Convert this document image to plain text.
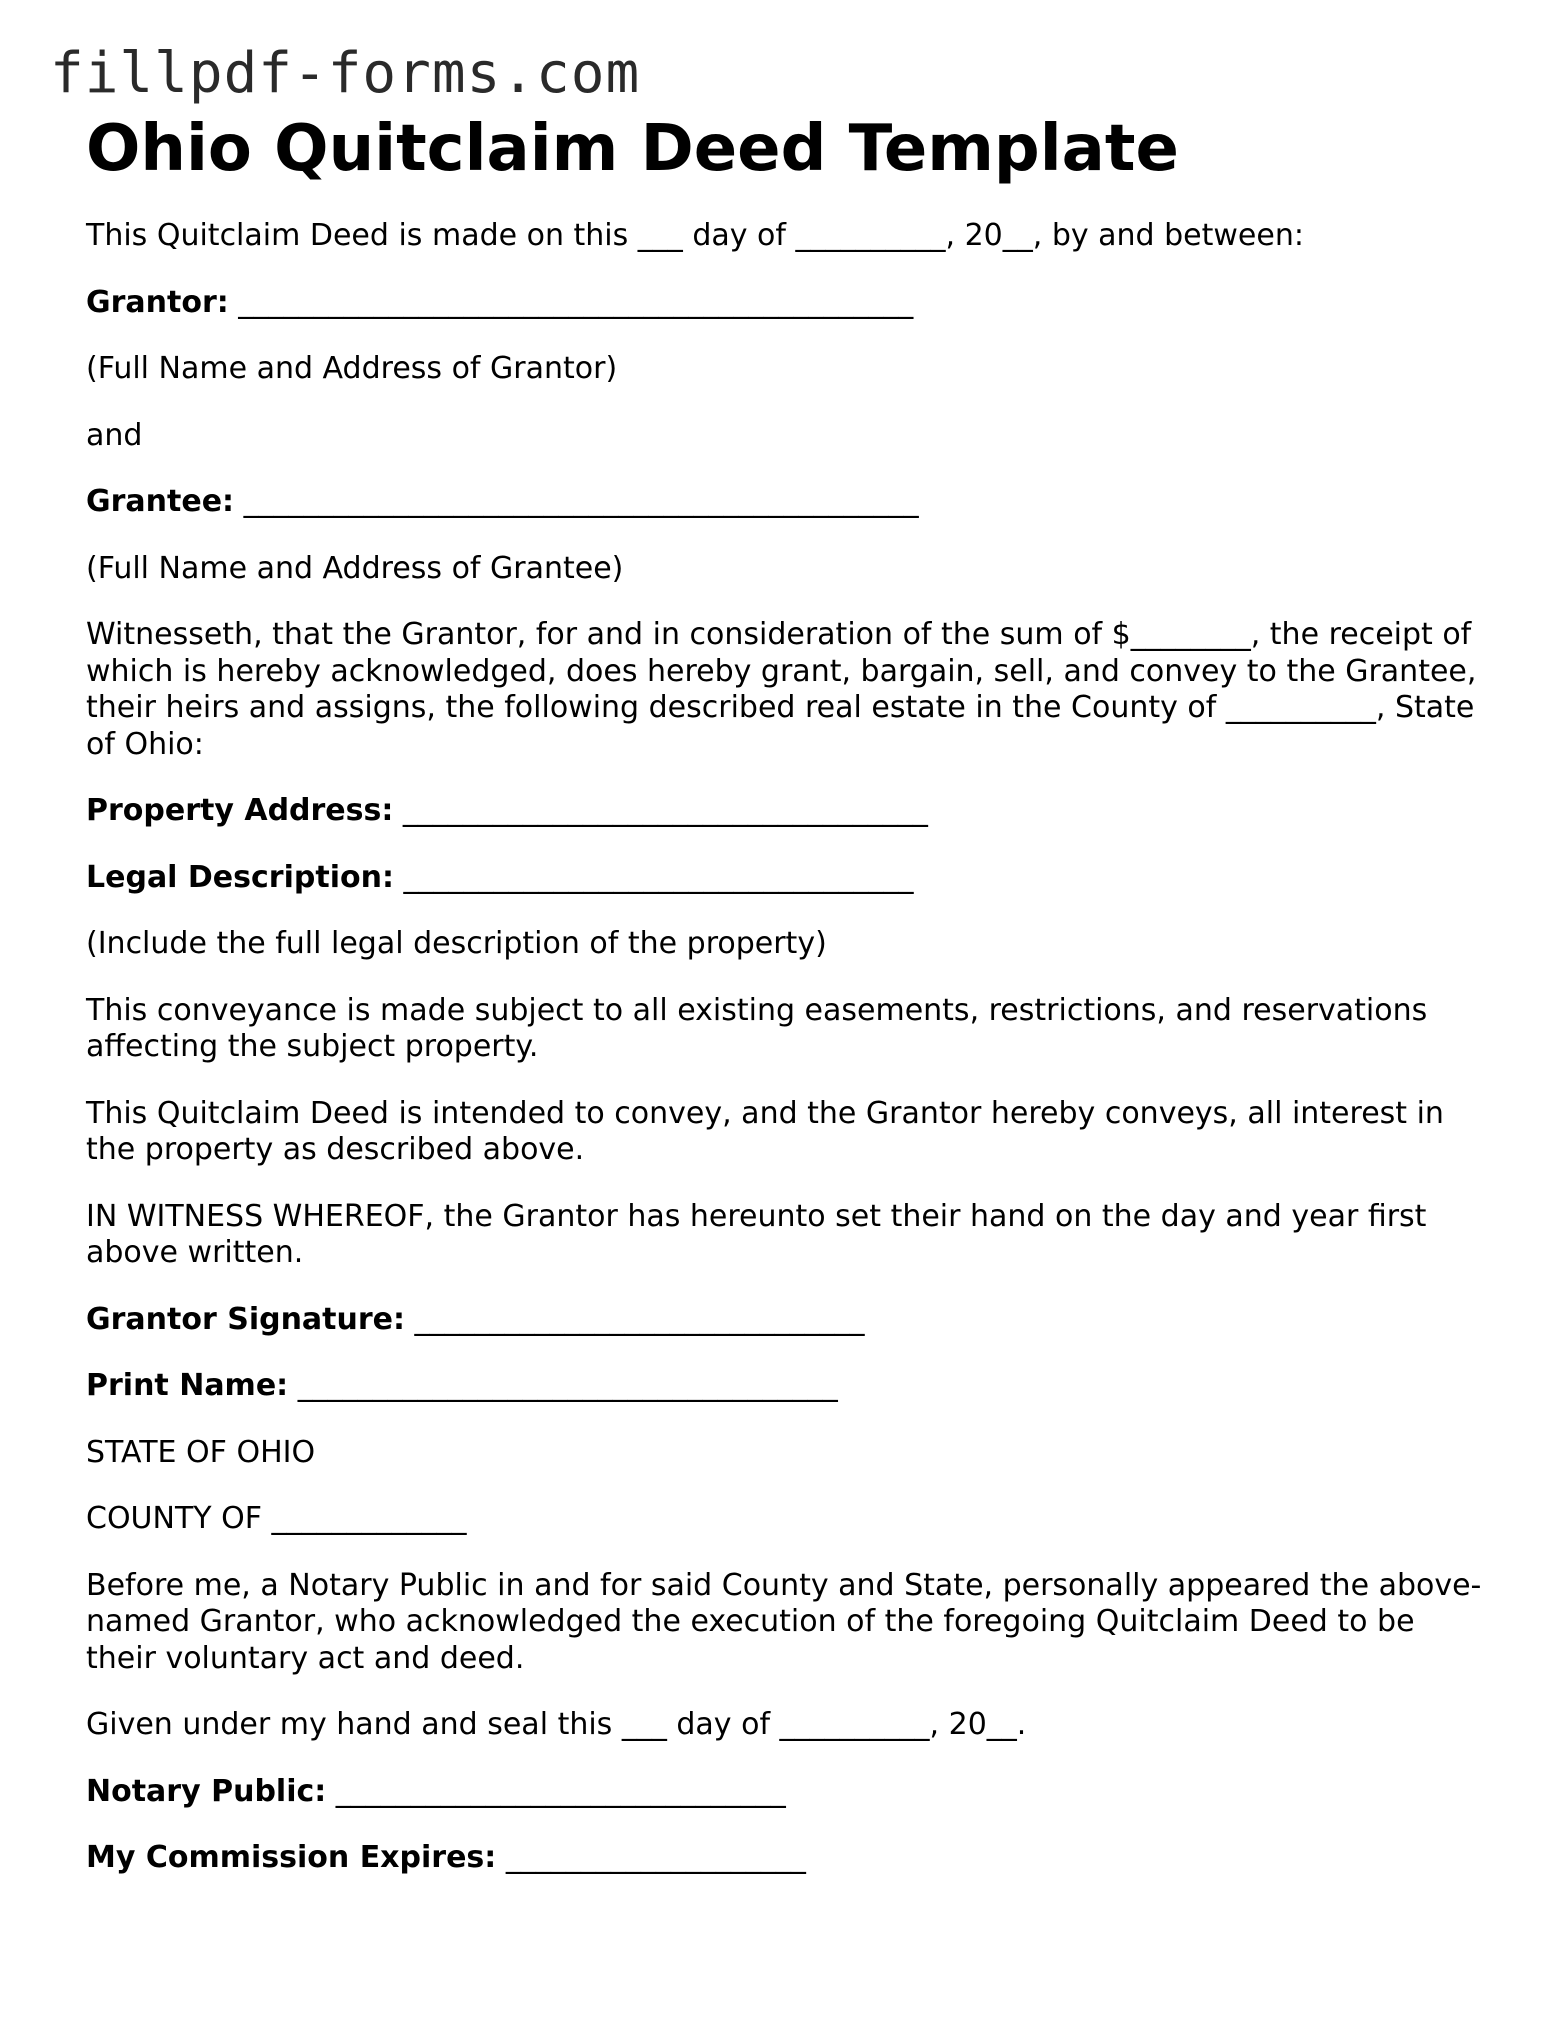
fillpdf-forms.com
Ohio Quitclaim Deed Template

This Quitclaim Deed is made on this ___ day of __________, 20__, by and between:

Grantor: _____________________________________________

(Full Name and Address of Grantor)

and

Grantee: _____________________________________________

(Full Name and Address of Grantee)

Witnesseth, that the Grantor, for and in consideration of the sum of $________, the receipt of which is hereby acknowledged, does hereby grant, bargain, sell, and convey to the Grantee, their heirs and assigns, the following described real estate in the County of __________, State of Ohio:

Property Address: ___________________________________

Legal Description: __________________________________

(Include the full legal description of the property)

This conveyance is made subject to all existing easements, restrictions, and reservations affecting the subject property.

This Quitclaim Deed is intended to convey, and the Grantor hereby conveys, all interest in the property as described above.

IN WITNESS WHEREOF, the Grantor has hereunto set their hand on the day and year first above written.

Grantor Signature: ______________________________

Print Name: ____________________________________

STATE OF OHIO

COUNTY OF _____________

Before me, a Notary Public in and for said County and State, personally appeared the above-named Grantor, who acknowledged the execution of the foregoing Quitclaim Deed to be their voluntary act and deed.

Given under my hand and seal this ___ day of __________, 20__.

Notary Public: ______________________________

My Commission Expires: ____________________
